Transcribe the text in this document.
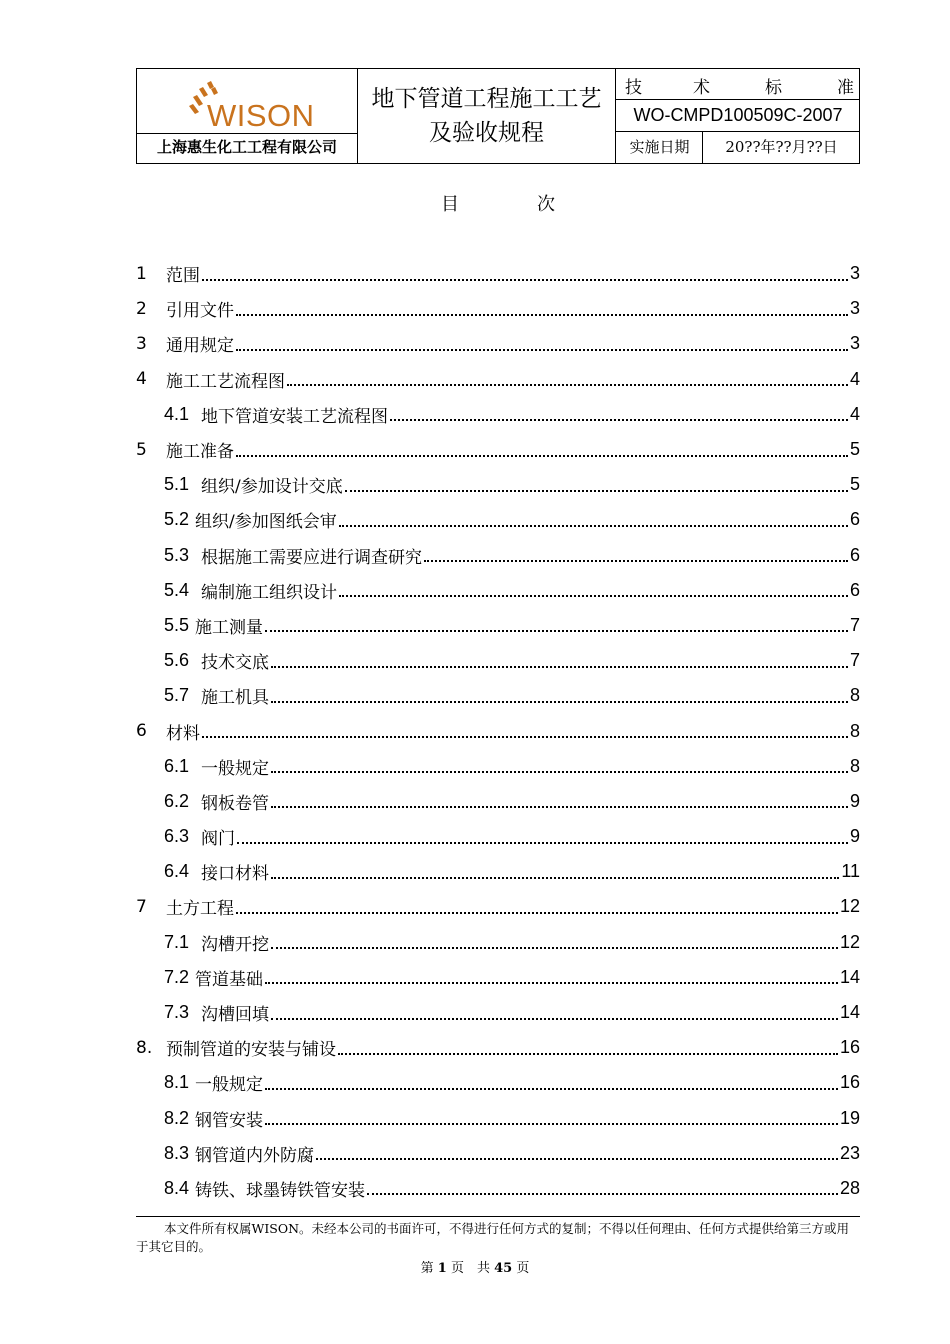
WISON
上海惠生化工工程有限公司
地下管道工程施工工艺及验收规程
技	术	标	准
WO-CMPD100509C-2007
实施日期	20??年??月??日
目	次
1	范围	3
2	引用文件	3
3	通用规定	3
4	施工工艺流程图	4
4.1 地下管道安装工艺流程图	4
5	施工准备	5
5.1 组织/参加设计交底	5
5.2 组织/参加图纸会审	6
5.3 根据施工需要应进行调查研究	6
5.4 编制施工组织设计	6
5.5 施工测量	7
5.6 技术交底	7
5.7 施工机具	8
6	材料	8
6.1 一般规定	8
6.2 钢板卷管	9
6.3 阀门	9
6.4 接口材料	11
7	土方工程	12
7.1 沟槽开挖	12
7.2 管道基础	14
7.3 沟槽回填	14
8. 预制管道的安装与铺设	16
8.1 一般规定	16
8.2 钢管安装	19
8.3 钢管道内外防腐	23
8.4 铸铁、球墨铸铁管安装	28
本文件所有权属WISON。未经本公司的书面许可，不得进行任何方式的复制；不得以任何理由、任何方式提供给第三方或用于其它目的。
第 1 页　共 45 页
